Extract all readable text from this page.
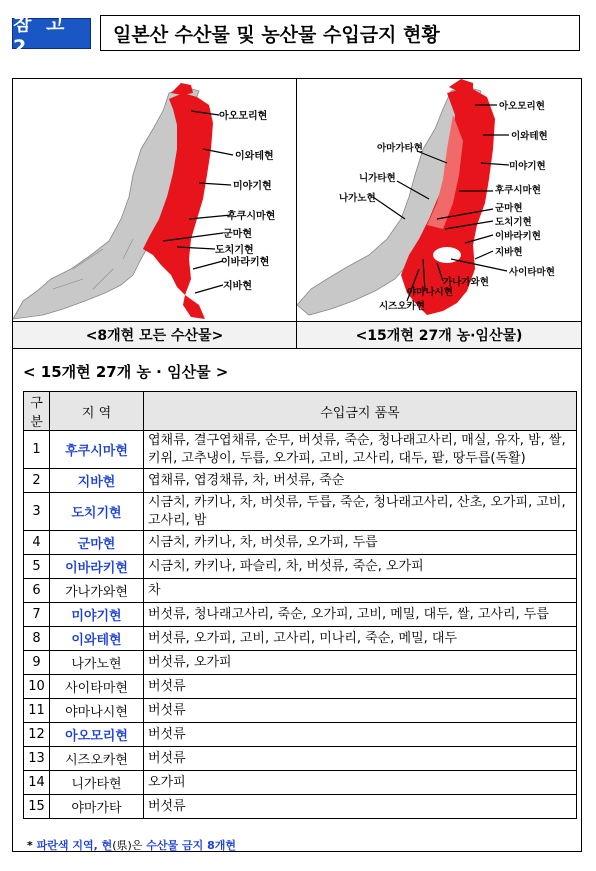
참 고 2
일본산 수산물 및 농산물 수입금지 현황
아오모리현
이와테현
미야기현
후쿠시마현
군마현
도치기현
이바라키현
지바현
아오모리현
이와테현
아마가타현
미야기현
니가타현
나가노현
후쿠시마현
군마현
도치기현
이바라키현
지바현
사이타마현
가나가와현
야마나시현
시즈오카현
<8개현 모든 수산물>	<15개현 27개 농·임산물)
< 15개현 27개 농 · 임산물 >
구분	지 역	수입금지 품목
1	후쿠시마현	엽채류, 결구엽채류, 순무, 버섯류, 죽순, 청나래고사리, 매실, 유자, 밤, 쌀, 키위, 고추냉이, 두릅, 오가피, 고비, 고사리, 대두, 팥, 땅두릅(독활)
2	지바현	엽채류, 엽경채류, 차, 버섯류, 죽순
3	도치기현	시금치, 카키나, 차, 버섯류, 두릅, 죽순, 청나래고사리, 산초, 오가피, 고비, 고사리, 밤
4	군마현	시금치, 카키나, 차, 버섯류, 오가피, 두릅
5	이바라키현	시금치, 카키나, 파슬리, 차, 버섯류, 죽순, 오가피
6	가나가와현	차
7	미야기현	버섯류, 청나래고사리, 죽순, 오가피, 고비, 메밀, 대두, 쌀, 고사리, 두릅
8	이와테현	버섯류, 오가피, 고비, 고사리, 미나리, 죽순, 메밀, 대두
9	나가노현	버섯류, 오가피
10	사이타마현	버섯류
11	야마나시현	버섯류
12	아오모리현	버섯류
13	시즈오카현	버섯류
14	니가타현	오가피
15	야마가타	버섯류
* 파란색 지역, 현(県)은 수산물 금지 8개현
